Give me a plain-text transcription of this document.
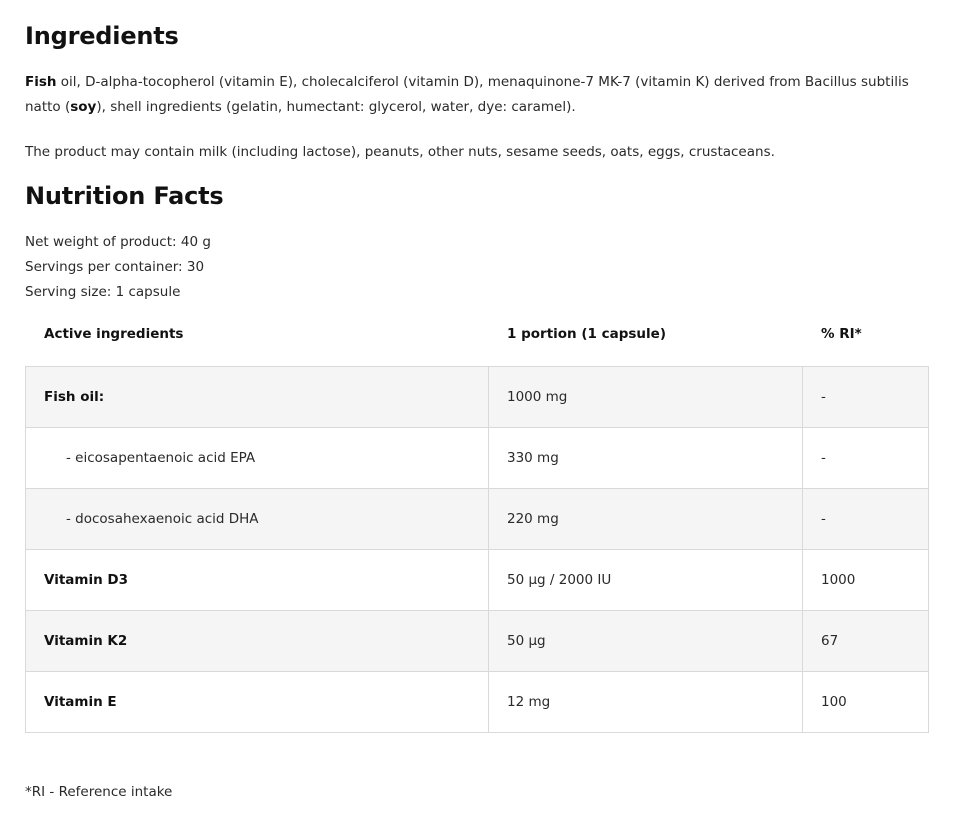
Ingredients

Fish oil, D-alpha-tocopherol (vitamin E), cholecalciferol (vitamin D), menaquinone-7 MK-7 (vitamin K) derived from Bacillus subtilis natto (soy), shell ingredients (gelatin, humectant: glycerol, water, dye: caramel).

The product may contain milk (including lactose), peanuts, other nuts, sesame seeds, oats, eggs, crustaceans.

Nutrition Facts
Net weight of product: 40 g
Servings per container: 30
Serving size: 1 capsule
Active ingredients	1 portion (1 capsule)	% RI*
Fish oil:	1000 mg	-
- eicosapentaenoic acid EPA	330 mg	-
- docosahexaenoic acid DHA	220 mg	-
Vitamin D3	50 µg / 2000 IU	1000
Vitamin K2	50 µg	67
Vitamin E	12 mg	100
*RI - Reference intake
